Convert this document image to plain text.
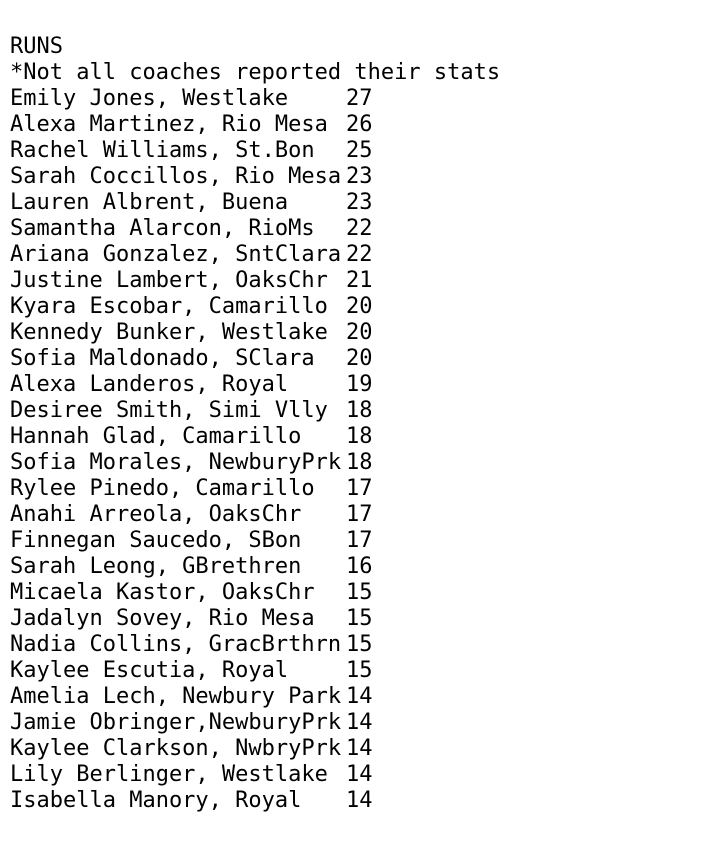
RUNS
*Not all coaches reported their stats
Emily Jones, Westlake	27
Alexa Martinez, Rio Mesa 26
Rachel Williams, St.Bon	25
Sarah Coccillos, Rio Mesa 23
Lauren Albrent, Buena	23
Samantha Alarcon, RioMs	22
Ariana Gonzalez, SntClara 22
Justine Lambert, OaksChr 21
Kyara Escobar, Camarillo 20
Kennedy Bunker, Westlake 20
Sofia Maldonado, SClara	20
Alexa Landeros, Royal	19
Desiree Smith, Simi Vlly 18
Hannah Glad, Camarillo	18
Sofia Morales, NewburyPrk 18
Rylee Pinedo, Camarillo	17
Anahi Arreola, OaksChr	17
Finnegan Saucedo, SBon	17
Sarah Leong, GBrethren	16
Micaela Kastor, OaksChr	15
Jadalyn Sovey, Rio Mesa	15
Nadia Collins, GracBrthrn 15
Kaylee Escutia, Royal	15
Amelia Lech, Newbury Park 14
Jamie Obringer,NewburyPrk 14
Kaylee Clarkson, NwbryPrk 14
Lily Berlinger, Westlake 14
Isabella Manory, Royal	14
